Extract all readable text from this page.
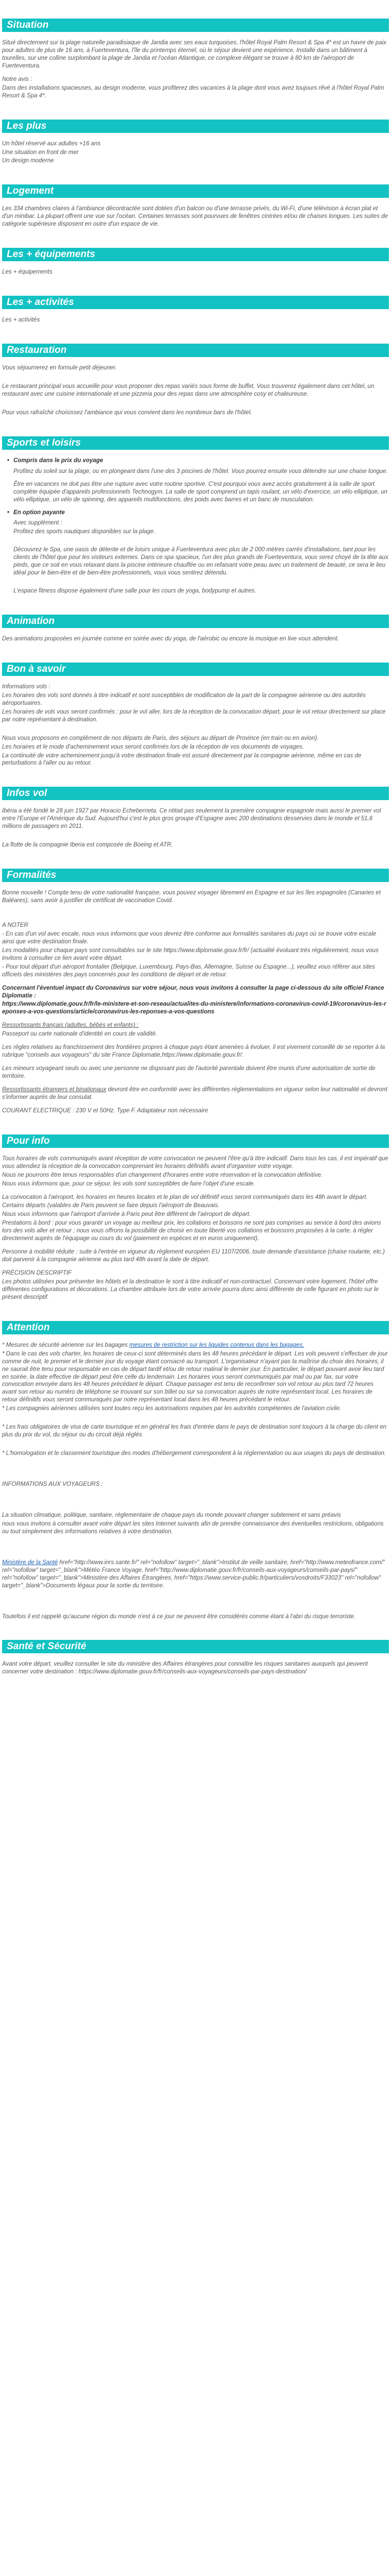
Situation

Situé directement sur la plage naturelle paradisiaque de Jandia avec ses eaux turquoises, l'hôtel Royal Palm Resort & Spa 4* est un havre de paix pour adultes de plus de 16 ans, à Fuerteventura, l'île du printemps éternel, où le séjour devient une expérience. Installé dans un bâtiment à tourelles, sur une colline surplombant la plage de Jandia et l'océan Atlantique, ce complexe élégant se trouve à 80 km de l'aéroport de Fuerteventura.

Notre avis :

Dans des installations spacieuses, au design moderne, vous profiterez des vacances à la plage dont vous avez toujours rêvé à l'hôtel Royal Palm Resort & Spa 4*.

Les plus

Un hôtel réservé aux adultes +16 ans

Une situation en front de mer

Un design moderne

Logement

Les 334 chambres claires à l'ambiance décontractée sont dotées d'un balcon ou d'une terrasse privés, du Wi-Fi, d'une télévision à écran plat et d'un minibar. La plupart offrent une vue sur l'océan. Certaines terrasses sont pourvues de fenêtres cintrées et/ou de chaises longues. Les suites de catégorie supérieure disposent en outre d'un espace de vie.

Les + équipements

Les + équipements

Les + activités

Les + activités

Restauration

Vous séjournerez en formule petit déjeuner.

Le restaurant principal vous accueille pour vous proposer des repas variés sous forme de buffet. Vous trouverez également dans cet hôtel, un restaurant avec une cuisine internationale et une pizzeria pour des repas dans une atmosphère cosy et chaleureuse.

Pour vous rafraîchir choisissez l'ambiance qui vous convient dans les nombreux bars de l'hôtel.

Sports et loisirs
• Compris dans le prix du voyage

Profitez du soleil sur la plage, ou en plongeant dans l'une des 3 piscines de l'hôtel. Vous pourrez ensuite vous détendre sur une chaise longue.

Être en vacances ne doit pas être une rupture avec votre routine sportive. C'est pourquoi vous avez accès gratuitement à la salle de sport complète équipée d'appareils professionnels Technogym. La salle de sport comprend un tapis roulant, un vélo d'exercice, un vélo elliptique, un vélo elliptique, un vélo de spinning, des appareils multifonctions, des poids avec barres et un banc de musculation.

• En option payante

Avec supplément :

Profitez des sports nautiques disponibles sur la plage.

Découvrez le Spa, une oasis de détente et de loisirs unique à Fuerteventura avec plus de 2 000 mètres carrés d'installations, tant pour les clients de l'hôtel que pour les visiteurs externes. Dans ce spa spacieux, l'un des plus grands de Fuerteventura, vous serez choyé de la tête aux pieds, que ce soit en vous relaxant dans la piscine intérieure chauffée ou en refaisant votre peau avec un traitement de beauté, ce sera le lieu idéal pour le bien-être et de bien-être professionnels, vous vous sentirez détendu.

L'espace fitness dispose également d'une salle pour les cours de yoga, bodypump et autres.

Animation

Des animations proposées en journée comme en soirée avec du yoga, de l'aérobic ou encore la musique en live vous attendent.

Bon à savoir

Informations vols :

Les horaires des vols sont donnés à titre indicatif et sont susceptibles de modification de la part de la compagnie aérienne ou des autorités aéroportuaires.

Les horaires de vols vous seront confirmés : pour le vol aller, lors de la réception de la convocation départ, pour le vol retour directement sur place par notre représentant à destination.

Nous vous proposons en complément de nos départs de Paris, des séjours au départ de Province (en train ou en avion).

Les horaires et le mode d'acheminement vous seront confirmés lors de la réception de vos documents de voyages.

La continuité de votre acheminement jusqu'à votre destination finale est assuré directement par la compagnie aérienne, même en cas de perturbations à l'aller ou au retour.

Infos vol

Ibéria a été fondé le 28 juin 1927 par Horacio Echeberrieta. Ce ntitait pas seulement la première compagnie espagnole mais aussi le premier vol entre l'Europe et l'Amérique du Sud. Aujourd'hui c'est le plus gros groupe d'Espagne avec 200 destinations desservies dans le monde et 51,6 millions de passagers en 2011.

La flotte de la compagnie Iberia est composée de Boeing et ATR.

Formalités

Bonne nouvelle ! Compte tenu de votre nationalité française, vous pouvez voyager librement en Espagne et sur les îles espagnoles (Canaries et Baléares), sans avoir à justifier de certificat de vaccination Covid.

A NOTER

- En cas d'un vol avec escale, nous vous informons que vous devrez être conforme aux formalités sanitaires du pays où se trouve votre escale ainsi que votre destination finale.

Les modalités pour chaque pays sont consultables sur le site https://www.diplomatie.gouv.fr/fr/ (actualité évoluant très régulièrement, nous vous invitons à consulter ce lien avant votre départ.

- Pour tout départ d'un aéroport frontalier (Belgique, Luxembourg, Pays-Bas, Allemagne, Suisse ou Espagne...), veuillez vous référer aux sites officiels des ministères des pays concernés pour les conditions de départ et de retour.

Concernant l'éventuel impact du Coronavirus sur votre séjour, nous vous invitons à consulter la page ci-dessous du site officiel France Diplomatie :

https://www.diplomatie.gouv.fr/fr/le-ministere-et-son-reseau/actualites-du-ministere/informations-coronavirus-covid-19/coronavirus-les-reponses-a-vos-questions/article/coronavirus-les-reponses-a-vos-questions

Ressortissants français (adultes, bébés et enfants) :

Passeport ou carte nationale d'identité en cours de validité.

Les règles relatives au franchissement des frontières propres à chaque pays étant amenées à évoluer, il est vivement conseillé de se reporter à la rubrique "conseils aux voyageurs" du site France Diplomatie,https://www.diplomatie.gouv.fr/.

Les mineurs voyageant seuls ou avec une personne ne disposant pas de l'autorité parentale doivent être munis d'une autorisation de sortie de territoire.

Ressortissants étrangers et binationaux devront être en conformité avec les différentes réglementations en vigueur selon leur nationalité et devront s'informer auprès de leur consulat.

COURANT ELECTRIQUE : 230 V et 50Hz. Type F. Adaptateur non nécessaire

Pour info

Tous horaires de vols communiqués avant réception de votre convocation ne peuvent l'être qu'à titre indicatif. Dans tous les cas, il est impératif que vous attendiez la réception de la convocation comprenant les horaires définitifs avant d'organiser votre voyage.

Nous ne pourrons être tenus responsables d'un changement d'horaires entre votre réservation et la convocation définitive.

Nous vous informons que, pour ce séjour, les vols sont susceptibles de faire l'objet d'une escale.

La convocation à l'aéroport, les horaires en heures locales et le plan de vol définitif vous seront communiqués dans les 48h avant le départ.

Certains départs (valables de Paris peuvent se faire depuis l'aéroport de Beauvais.

Nous vous informons que l'aéroport d'arrivée à Paris peut être différent de l'aéroport de départ.

Prestations à bord : pour vous garantir un voyage au meilleur prix, les collations et boissons ne sont pas comprises au service à bord des avions lors des vols aller et retour ; nous vous offrons la possibilité de choisir en toute liberté vos collations et boissons proposées à la carte, à régler directement auprès de l'équipage ou cours du vol (paiement en espèces et en euros uniquement).

Personne à mobilité réduite : suite à l'entrée en vigueur du règlement européen EU 1107/2006, toute demande d'assistance (chaise roulante, etc.) doit parvenir à la compagnie aérienne au plus tard 48h avant la date de départ.

PRÉCISION DESCRIPTIF

Les photos utilisées pour présenter les hôtels et la destination le sont à titre indicatif et non-contractuel. Concernant votre logement, l'hôtel offre différentes configurations et décorations. La chambre attribuée lors de votre arrivée pourra donc ainsi différente de celle figurant en photo sur le présent descriptif.

Attention

* Mesures de sécurité aérienne sur les bagages mesures de restriction sur les liquides contenus dans les bagages.

* Dans le cas des vols charter, les horaires de ceux-ci sont déterminés dans les 48 heures précédant le départ. Les vols peuvent s'effectuer de jour comme de nuit, le premier et le dernier jour du voyage étant consacré au transport. L'organisateur n'ayant pas la maîtrise du choix des horaires, il ne saurait être tenu pour responsable en cas de départ tardif et/ou de retour matinal le dernier jour. En particulier, le départ pouvant avoir lieu tard en soirée, la date effective de départ peut être celle du lendemain. Les horaires vous seront communiqués par mail ou par fax, sur votre convocation envoyée dans les 48 heures précédant le départ. Chaque passager est tenu de reconfirmer son vol retour au plus tard 72 heures avant son retour au numéro de téléphone se trouvant sur son billet ou sur sa convocation auprès de notre représentant local. Les horaires de retour définitifs vous seront communiqués par notre représentant local dans les 48 heures précédant le retour.

* Les compagnies aériennes utilisées sont toutes reçu les autorisations requises par les autorités compétentes de l'aviation civile.

* Les frais obligatoires de visa de carte touristique et en général les frais d'entrée dans le pays de destination sont toujours à la charge du client en plus du prix du vol, du séjour ou du circuit déjà réglés.

* L'homologation et le classement touristique des modes d'hébergement correspondent à la réglementation ou aux usages du pays de destination.

INFORMATIONS AUX VOYAGEURS :

La situation climatique, politique, sanitaire, réglementaire de chaque pays du monde pouvant changer subitement et sans préavis

nous vous invitons à consulter avant votre départ les sites Internet suivants afin de prendre connaissance des éventuelles restrictions, obligations ou tout simplement des informations relatives à votre destination.

Ministère de la Santé href="http://www.inrs.sante.fr/" rel="nofollow" target="_blank">Institut de veille sanitaire, href="http://www.meteofrance.com/" rel="nofollow" target="_blank">Météo France Voyage, href="http://www.diplomatie.gouv.fr/fr/conseils-aux-voyageurs/conseils-par-pays/" rel="nofollow" target="_blank">Ministère des Affaires Étrangères, href="https://www.service-public.fr/particuliers/vosdroits/F33023" rel="nofollow" target="_blank">Documents légaux pour la sortie du territoire.

Toutefois il est rappelé qu'aucune région du monde n'est à ce jour ne peuvent être considérés comme étant à l'abri du risque terroriste.

Santé et Sécurité

Avant votre départ, veuillez consulter le site du ministère des Affaires étrangères pour connaître les risques sanitaires auxquels qui peuvent concerner votre destination : https://www.diplomatie.gouv.fr/fr/conseils-aux-voyageurs/conseils-par-pays-destination/
